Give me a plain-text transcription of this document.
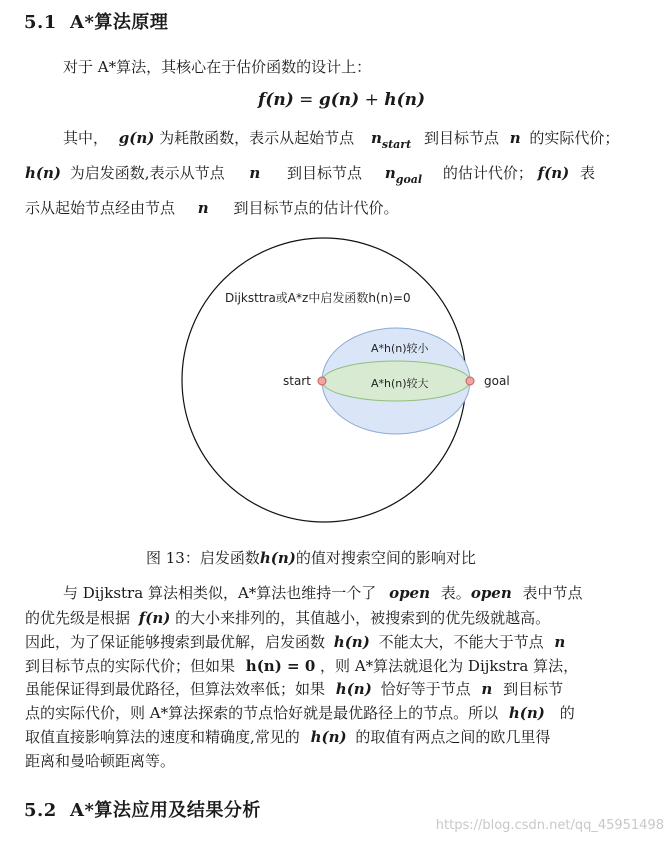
5.1 A*算法原理
对于 A*算法，其核心在于估价函数的设计上：
f(n) = g(n) + h(n)
其中， g(n) 为耗散函数，表示从起始节点 $n_{start}$ 到目标节点 n 的实际代价；
h(n) 为启发函数,表示从节点 n 到目标节点 $n_{goal}$ 的估计代价； f(n) 表
示从起始节点经由节点 n 到目标节点的估计代价。
Dijksttra或A*z中启发函数h(n)=0
A*h(n)较小
A*h(n)较大
start	goal
图 13：启发函数h(n)的值对搜索空间的影响对比
与 Dijkstra 算法相类似，A*算法也维持一个了 open 表。open 表中节点
的优先级是根据 f(n) 的大小来排列的，其值越小，被搜索到的优先级就越高。
因此，为了保证能够搜索到最优解，启发函数 h(n) 不能太大，不能大于节点 n
到目标节点的实际代价；但如果 h(n) = 0 ，则 A*算法就退化为 Dijkstra 算法，
虽能保证得到最优路径，但算法效率低；如果 h(n) 恰好等于节点 n 到目标节
点的实际代价，则 A*算法探索的节点恰好就是最优路径上的节点。所以 h(n) 的
取值直接影响算法的速度和精确度,常见的 h(n) 的取值有两点之间的欧几里得
距离和曼哈顿距离等。
5.2 A*算法应用及结果分析
https://blog.csdn.net/qq_45951498
